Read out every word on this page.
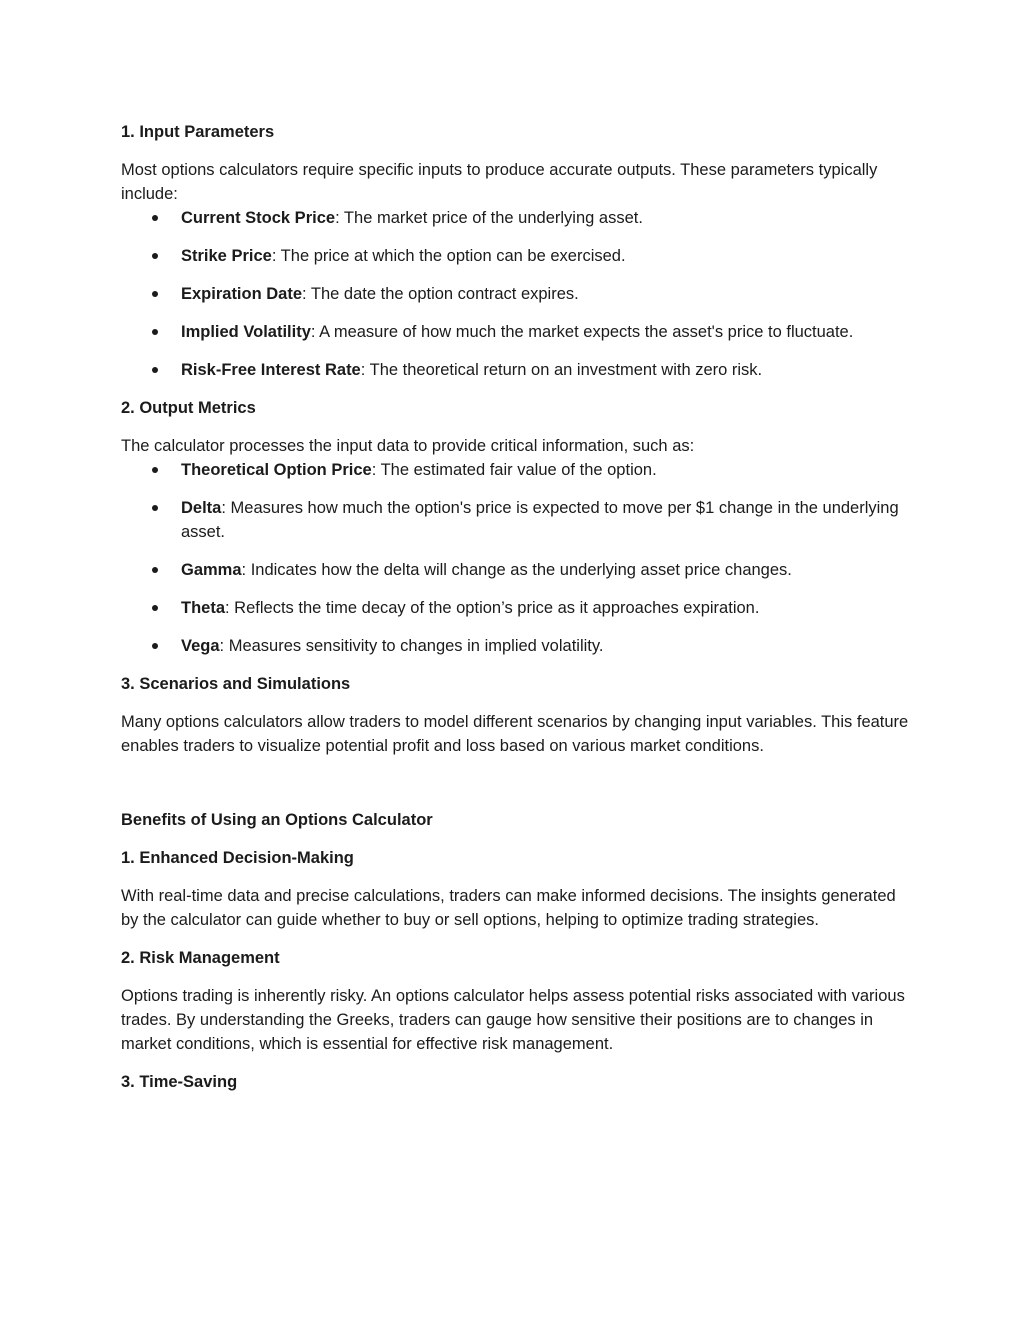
1. Input Parameters

Most options calculators require specific inputs to produce accurate outputs. These parameters typically include:

Current Stock Price: The market price of the underlying asset.
Strike Price: The price at which the option can be exercised.
Expiration Date: The date the option contract expires.
Implied Volatility: A measure of how much the market expects the asset's price to fluctuate.
Risk-Free Interest Rate: The theoretical return on an investment with zero risk.

2. Output Metrics

The calculator processes the input data to provide critical information, such as:

Theoretical Option Price: The estimated fair value of the option.
Delta: Measures how much the option's price is expected to move per $1 change in the underlying asset.
Gamma: Indicates how the delta will change as the underlying asset price changes.
Theta: Reflects the time decay of the option’s price as it approaches expiration.
Vega: Measures sensitivity to changes in implied volatility.

3. Scenarios and Simulations

Many options calculators allow traders to model different scenarios by changing input variables. This feature enables traders to visualize potential profit and loss based on various market conditions.

Benefits of Using an Options Calculator

1. Enhanced Decision-Making

With real-time data and precise calculations, traders can make informed decisions. The insights generated by the calculator can guide whether to buy or sell options, helping to optimize trading strategies.

2. Risk Management

Options trading is inherently risky. An options calculator helps assess potential risks associated with various trades. By understanding the Greeks, traders can gauge how sensitive their positions are to changes in market conditions, which is essential for effective risk management.

3. Time-Saving
